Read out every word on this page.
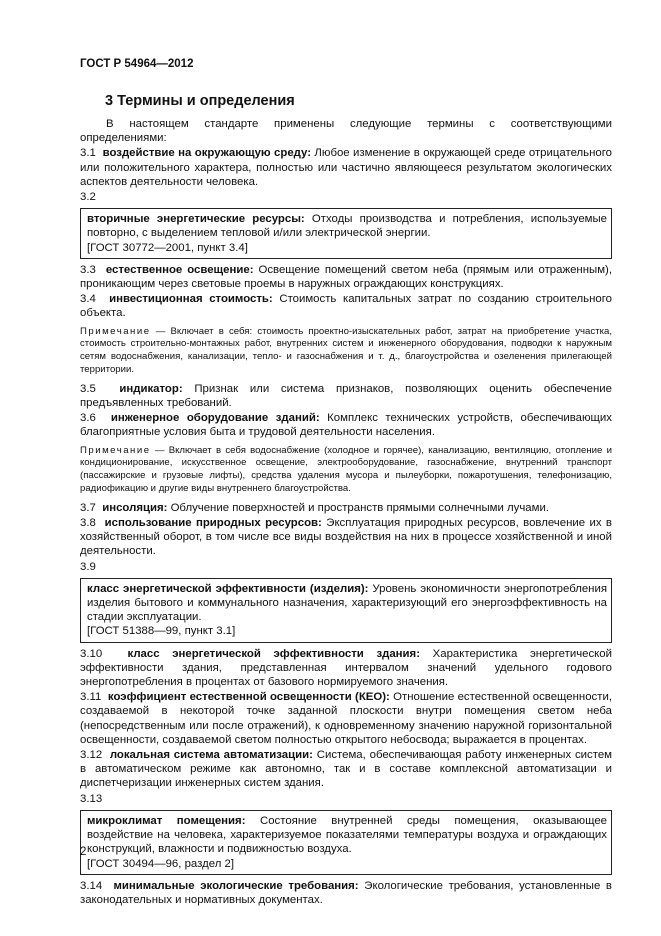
ГОСТ Р 54964—2012
3 Термины и определения

В настоящем стандарте применены следующие термины с соответствующими определениями:

3.1 воздействие на окружающую среду: Любое изменение в окружающей среде отрицательного или положительного характера, полностью или частично являющееся результатом экологических аспектов деятельности человека.

3.2

вторичные энергетические ресурсы: Отходы производства и потребления, используемые повторно, с выделением тепловой и/или электрической энергии.

[ГОСТ 30772—2001, пункт 3.4]

3.3 естественное освещение: Освещение помещений светом неба (прямым или отраженным), проникающим через световые проемы в наружных ограждающих конструкциях.

3.4 инвестиционная стоимость: Стоимость капитальных затрат по созданию строительного объекта.

Примечание — Включает в себя: стоимость проектно-изыскательных работ, затрат на приобретение участка, стоимость строительно-монтажных работ, внутренних систем и инженерного оборудования, подводки к наружным сетям водоснабжения, канализации, тепло- и газоснабжения и т. д., благоустройства и озеленения прилегающей территории.

3.5 индикатор: Признак или система признаков, позволяющих оценить обеспечение предъявленных требований.

3.6 инженерное оборудование зданий: Комплекс технических устройств, обеспечивающих благоприятные условия быта и трудовой деятельности населения.

Примечание — Включает в себя водоснабжение (холодное и горячее), канализацию, вентиляцию, отопление и кондиционирование, искусственное освещение, электрооборудование, газоснабжение, внутренний транспорт (пассажирские и грузовые лифты), средства удаления мусора и пылеуборки, пожаротушения, телефонизацию, радиофикацию и другие виды внутреннего благоустройства.

3.7 инсоляция: Облучение поверхностей и пространств прямыми солнечными лучами.

3.8 использование природных ресурсов: Эксплуатация природных ресурсов, вовлечение их в хозяйственный оборот, в том числе все виды воздействия на них в процессе хозяйственной и иной деятельности.

3.9

класс энергетической эффективности (изделия): Уровень экономичности энергопотребления изделия бытового и коммунального назначения, характеризующий его энергоэффективность на стадии эксплуатации.

[ГОСТ 51388—99, пункт 3.1]

3.10 класс энергетической эффективности здания: Характеристика энергетической эффективности здания, представленная интервалом значений удельного годового энергопотребления в процентах от базового нормируемого значения.

3.11 коэффициент естественной освещенности (КЕО): Отношение естественной освещенности, создаваемой в некоторой точке заданной плоскости внутри помещения светом неба (непосредственным или после отражений), к одновременному значению наружной горизонтальной освещенности, создаваемой светом полностью открытого небосвода; выражается в процентах.

3.12 локальная система автоматизации: Система, обеспечивающая работу инженерных систем в автоматическом режиме как автономно, так и в составе комплексной автоматизации и диспетчеризации инженерных систем здания.

3.13

микроклимат помещения: Состояние внутренней среды помещения, оказывающее воздействие на человека, характеризуемое показателями температуры воздуха и ограждающих конструкций, влажности и подвижностью воздуха.

[ГОСТ 30494—96, раздел 2]

3.14 минимальные экологические требования: Экологические требования, установленные в законодательных и нормативных документах.

2
